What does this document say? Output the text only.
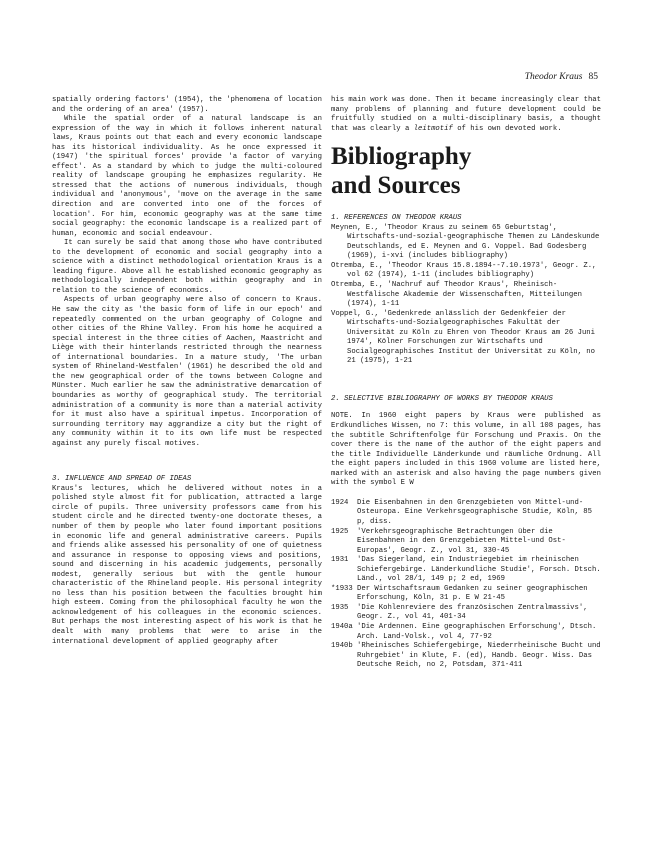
Theodor Kraus 85

spatially ordering factors' (1954), the 'phenomena of location and the ordering of an area' (1957).

While the spatial order of a natural landscape is an expression of the way in which it follows inherent natural laws, Kraus points out that each and every economic landscape has its historical individuality. As he once expressed it (1947) 'the spiritual forces' provide 'a factor of varying effect'. As a standard by which to judge the multi-coloured reality of landscape grouping he emphasizes regularity. He stressed that the actions of numerous individuals, though individual and 'anonymous', 'move on the average in the same direction and are converted into one of the forces of location'. For him, economic geography was at the same time social geography: the economic landscape is a realized part of human, economic and social endeavour.

It can surely be said that among those who have contributed to the development of economic and social geography into a science with a distinct methodological orientation Kraus is a leading figure. Above all he established economic geography as methodologically independent both within geography and in relation to the science of economics.

Aspects of urban geography were also of concern to Kraus. He saw the city as 'the basic form of life in our epoch' and repeatedly commented on the urban geography of Cologne and other cities of the Rhine Valley. From his home he acquired a special interest in the three cities of Aachen, Maastricht and Liège with their hinterlands restricted through the nearness of international boundaries. In a mature study, 'The urban system of Rhineland-Westfalen' (1961) he described the old and the new geographical order of the towns between Cologne and Münster. Much earlier he saw the administrative demarcation of boundaries as worthy of geographical study. The territorial administration of a community is more than a material activity for it must also have a spiritual impetus. Incorporation of surrounding territory may aggrandize a city but the right of any community within it to its own life must be respected against any purely fiscal motives.

3. INFLUENCE AND SPREAD OF IDEAS

Kraus's lectures, which he delivered without notes in a polished style almost fit for publication, attracted a large circle of pupils. Three university professors came from his student circle and he directed twenty-one doctorate theses, a number of them by people who later found important positions in economic life and general administrative careers. Pupils and friends alike assessed his personality of one of quietness and assurance in response to opposing views and positions, sound and discerning in his academic judgements, personally modest, generally serious but with the gentle humour characteristic of the Rhineland people. His personal integrity no less than his position between the faculties brought him high esteem. Coming from the philosophical faculty he won the acknowledgement of his colleagues in the economic sciences. But perhaps the most interesting aspect of his work is that he dealt with many problems that were to arise in the international development of applied geography after

his main work was done. Then it became increasingly clear that many problems of planning and future development could be fruitfully studied on a multi-disciplinary basis, a thought that was clearly a leitmotif of his own devoted work.

Bibliography
and Sources

1. REFERENCES ON THEODOR KRAUS

Meynen, E., 'Theodor Kraus zu seinem 65 Geburtstag', Wirtschafts-und-sozial-geographische Themen zu Ländeskunde Deutschlands, ed E. Meynen and G. Voppel. Bad Godesberg (1969), i-xvi (includes bibliography)

Otremba, E., 'Theodor Kraus 15.8.1894--7.10.1973', Geogr. Z., vol 62 (1974), 1-11 (includes bibliography)

Otremba, E., 'Nachruf auf Theodor Kraus', Rheinisch-Westfälische Akademie der Wissenschaften, Mitteilungen (1974), 1-11

Voppel, G., 'Gedenkrede anlässlich der Gedenkfeier der Wirtschafts-und-Sozialgeographisches Fakultät der Universität zu Köln zu Ehren von Theodor Kraus am 26 Juni 1974', Kölner Forschungen zur Wirtschafts und Socialgeographisches Institut der Universität zu Köln, no 21 (1975), 1-21

2. SELECTIVE BIBLIOGRAPHY OF WORKS BY THEODOR KRAUS

NOTE. In 1960 eight papers by Kraus were published as Erdkundliches Wissen, no 7: this volume, in all 108 pages, has the subtitle Schriftenfolge für Forschung und Praxis. On the cover there is the name of the author of the eight papers and the title Individuelle Länderkunde und räumliche Ordnung. All the eight papers included in this 1960 volume are listed here, marked with an asterisk and also having the page numbers given with the symbol E W

1924	Die Eisenbahnen in den Grenzgebieten von Mittel-und-Osteuropa. Eine Verkehrsgeographische Studie, Köln, 85 p, diss.
1925	'Verkehrsgeographische Betrachtungen über die Eisenbahnen in den Grenzgebieten Mittel-und Ost-Europas', Geogr. Z., vol 31, 330-45
1931	'Das Siegerland, ein Industriegebiet im rheinischen Schiefergebirge. Länderkundliche Studie', Forsch. Dtsch. Länd., vol 28/1, 149 p; 2 ed, 1969
*1933 Der Wirtschaftsraum Gedanken zu seiner geographischen Erforschung, Köln, 31 p. E W 21-45
1935	'Die Kohlenreviere des französischen Zentralmassivs', Geogr. Z., vol 41, 401-34
1940a 'Die Ardennen. Eine geographischen Erforschung', Dtsch. Arch. Land-Volsk., vol 4, 77-92
1940b 'Rheinisches Schiefergebirge, Niederrheinische Bucht und Ruhrgebiet' in Klute, F. (ed), Handb. Geogr. Wiss. Das Deutsche Reich, no 2, Potsdam, 371-411
